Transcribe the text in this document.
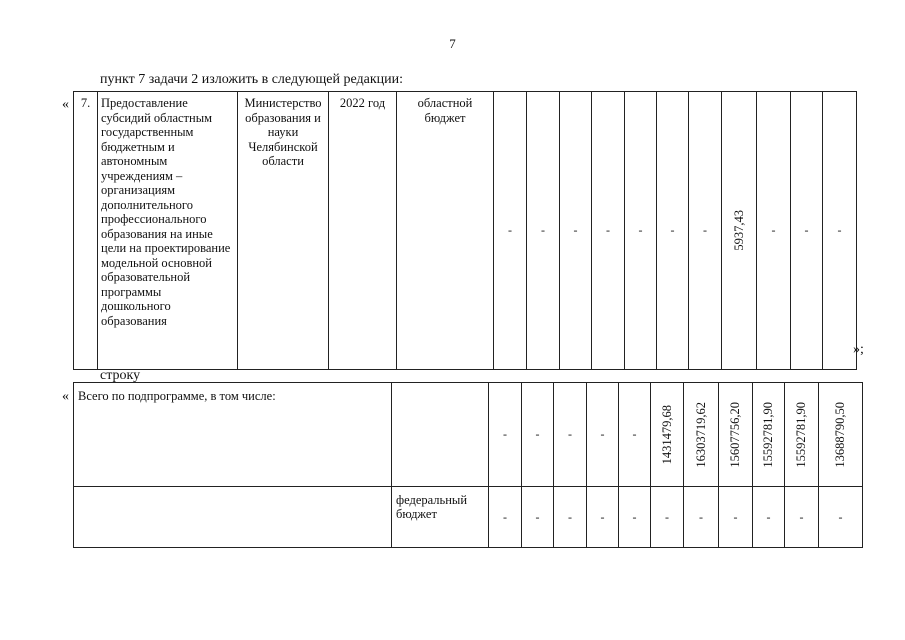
7
пункт 7 задачи 2 изложить в следующей редакции:
« 7.	Предоставление субсидий областным государственным бюджетным и автономным учреждениям – организациям дополнительного профессионального образования на иные цели на проектирование модельной основной образовательной программы дошкольного образования	Министерство образования и науки Челябинской области	2022 год	областной бюджет	-	-	-	-	-	-	-	5937,43	-	-	-
»;
строку
« Всего по подпрограмме, в том числе:		-	-	-	-	-	1431479,68	16303719,62	15607756,20	15592781,90	15592781,90	13688790,50

	федеральный бюджет	-	-	-	-	-	-	-	-	-	-	-
